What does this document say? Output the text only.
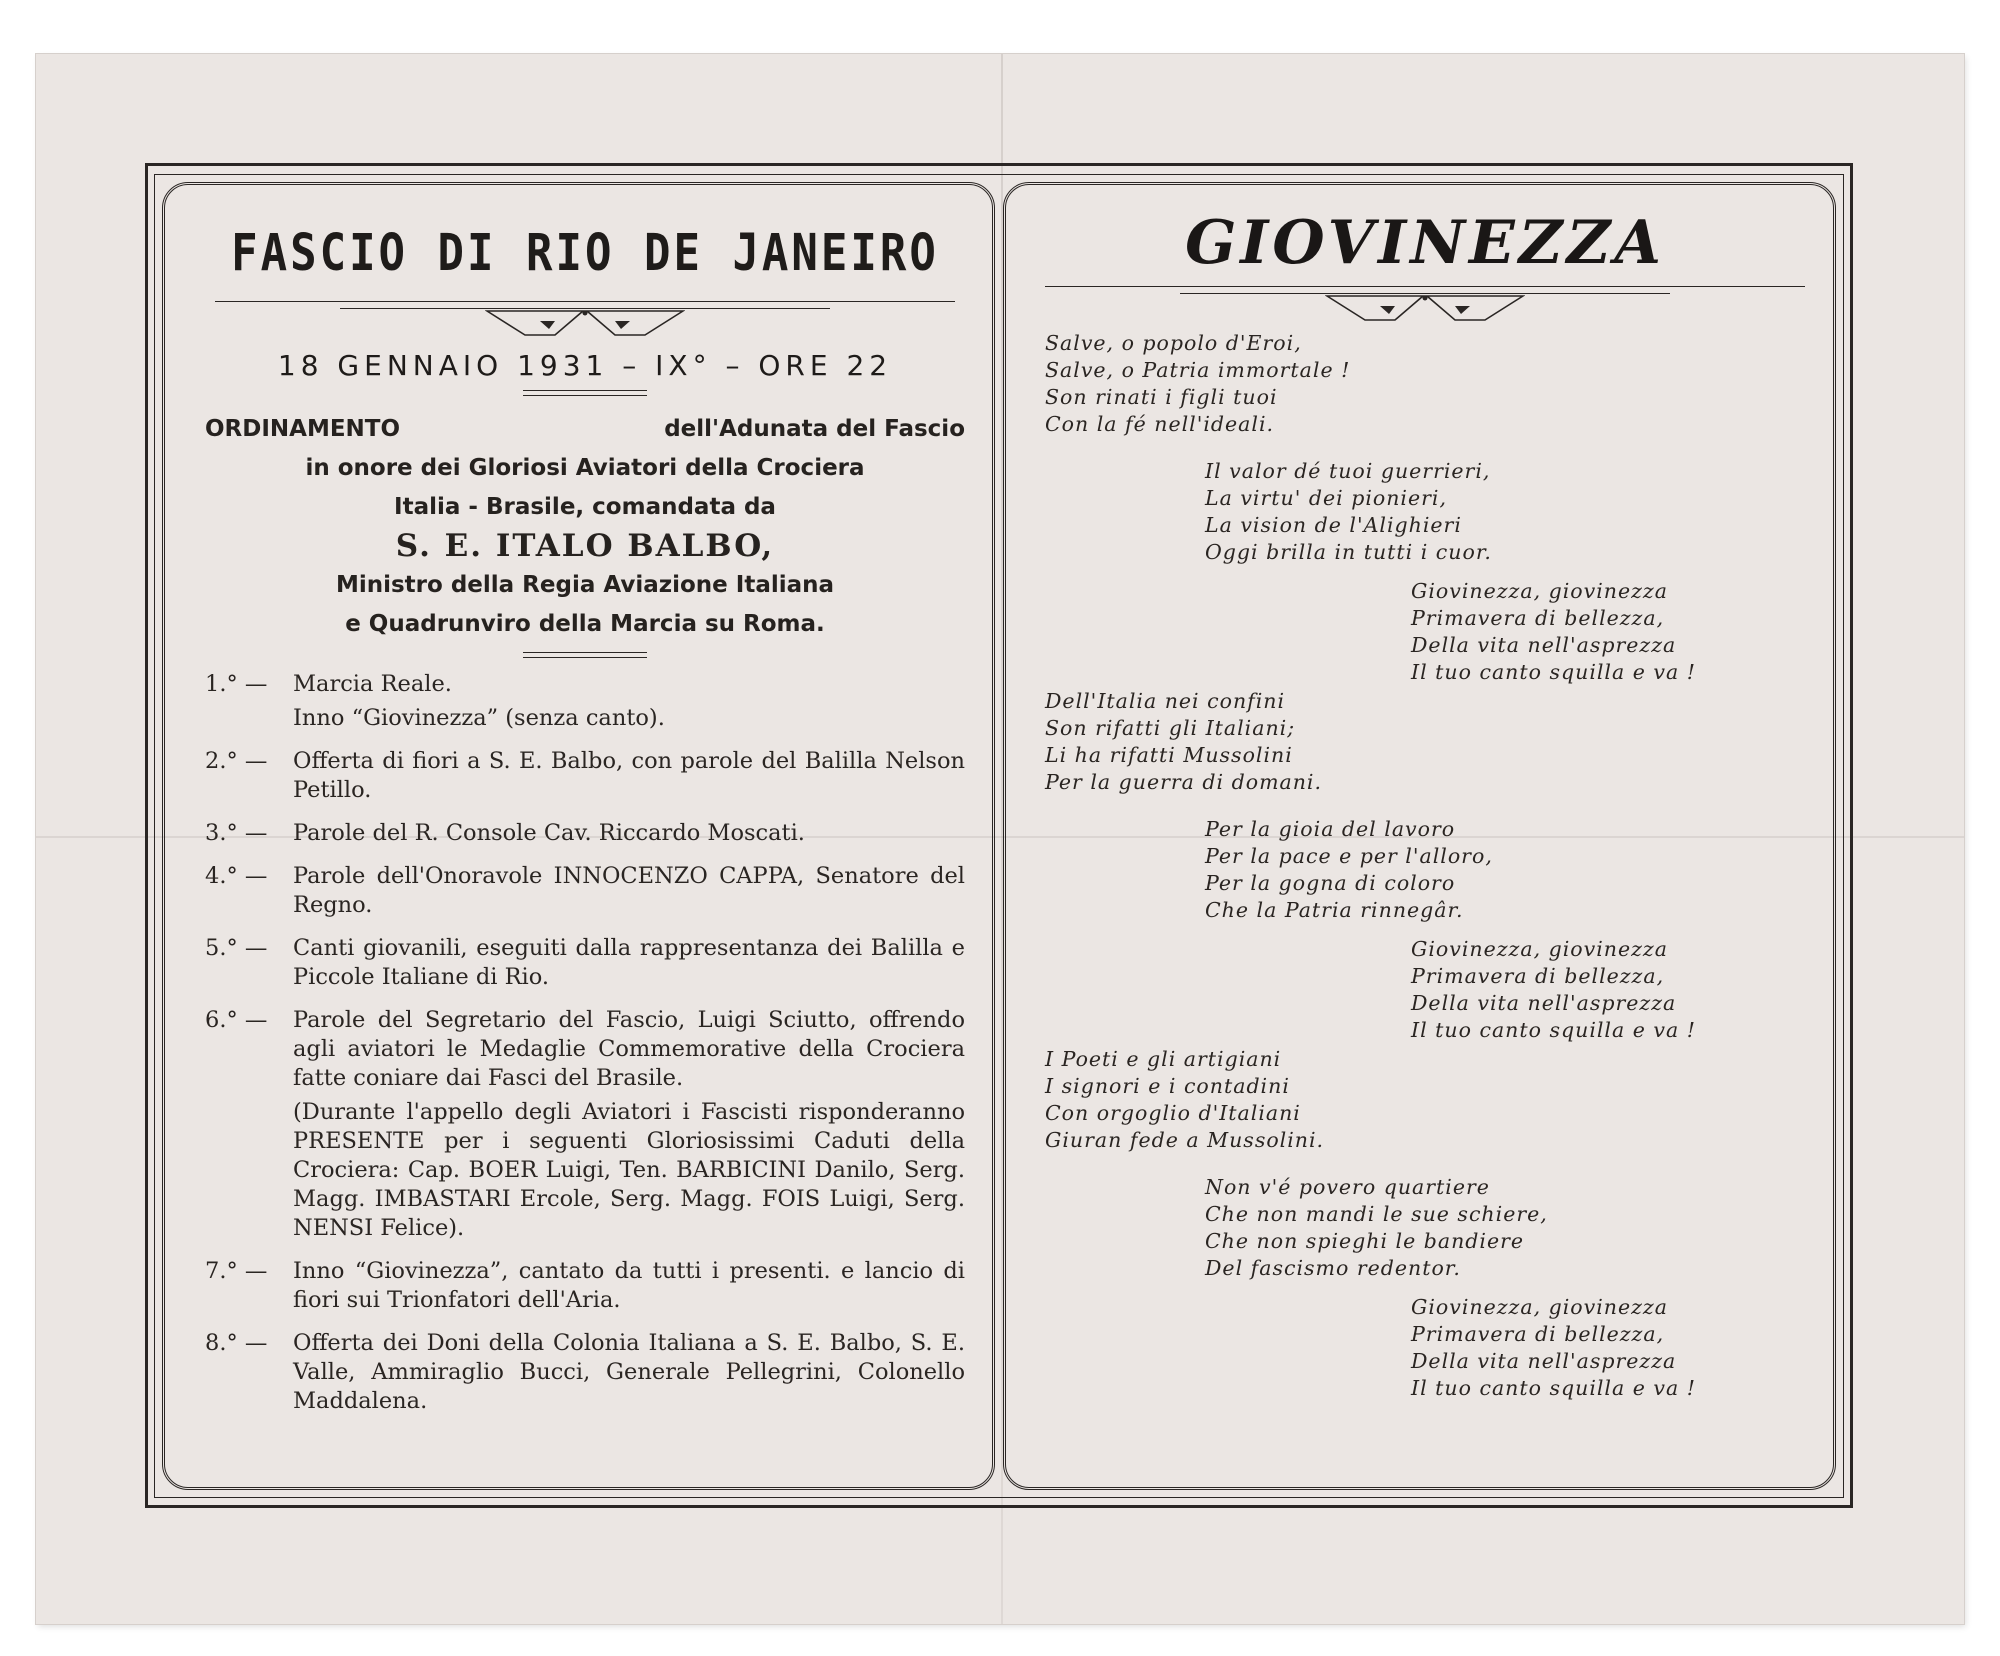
FASCIO DI RIO DE JANEIRO
18 GENNAIO 1931 – IX° – ORE 22
ORDINAMENTO	dell'Adunata del Fascio
in onore dei Gloriosi Aviatori della Crociera
Italia - Brasile, comandata da
S. E. ITALO BALBO,
Ministro della Regia Aviazione Italiana
e Quadrunviro della Marcia su Roma.
1.° —	Marcia Reale.

Inno “Giovinezza” (senza canto).

2.° —	Offerta di fiori a S. E. Balbo, con parole del Balilla Nelson Petillo.

3.° —	Parole del R. Console Cav. Riccardo Moscati.

4.° —	Parole dell'Onoravole INNOCENZO CAPPA, Senatore del Regno.

5.° —	Canti giovanili, eseguiti dalla rappresentanza dei Balilla e Piccole Italiane di Rio.

6.° —	Parole del Segretario del Fascio, Luigi Sciutto, offrendo agli aviatori le Medaglie Commemorative della Crociera fatte coniare dai Fasci del Brasile.

(Durante l'appello degli Aviatori i Fascisti risponderanno PRESENTE per i seguenti Gloriosissimi Caduti della Crociera: Cap. BOER Luigi, Ten. BARBICINI Danilo, Serg. Magg. IMBASTARI Ercole, Serg. Magg. FOIS Luigi, Serg. NENSI Felice).

7.° —	Inno “Giovinezza”, cantato da tutti i presenti. e lancio di fiori sui Trionfatori dell'Aria.

8.° —	Offerta dei Doni della Colonia Italiana a S. E. Balbo, S. E. Valle, Ammiraglio Bucci, Generale Pellegrini, Colonello Maddalena.

GIOVINEZZA
Salve, o popolo d'Eroi,
Salve, o Patria immortale !
Son rinati i figli tuoi
Con la fé nell'ideali.
Il valor dé tuoi guerrieri,
La virtu' dei pionieri,
La vision de l'Alighieri
Oggi brilla in tutti i cuor.
Giovinezza, giovinezza
Primavera di bellezza,
Della vita nell'asprezza
Il tuo canto squilla e va !
Dell'Italia nei confini
Son rifatti gli Italiani;
Li ha rifatti Mussolini
Per la guerra di domani.
Per la gioia del lavoro
Per la pace e per l'alloro,
Per la gogna di coloro
Che la Patria rinnegâr.
Giovinezza, giovinezza
Primavera di bellezza,
Della vita nell'asprezza
Il tuo canto squilla e va !
I Poeti e gli artigiani
I signori e i contadini
Con orgoglio d'Italiani
Giuran fede a Mussolini.
Non v'é povero quartiere
Che non mandi le sue schiere,
Che non spieghi le bandiere
Del fascismo redentor.
Giovinezza, giovinezza
Primavera di bellezza,
Della vita nell'asprezza
Il tuo canto squilla e va !
